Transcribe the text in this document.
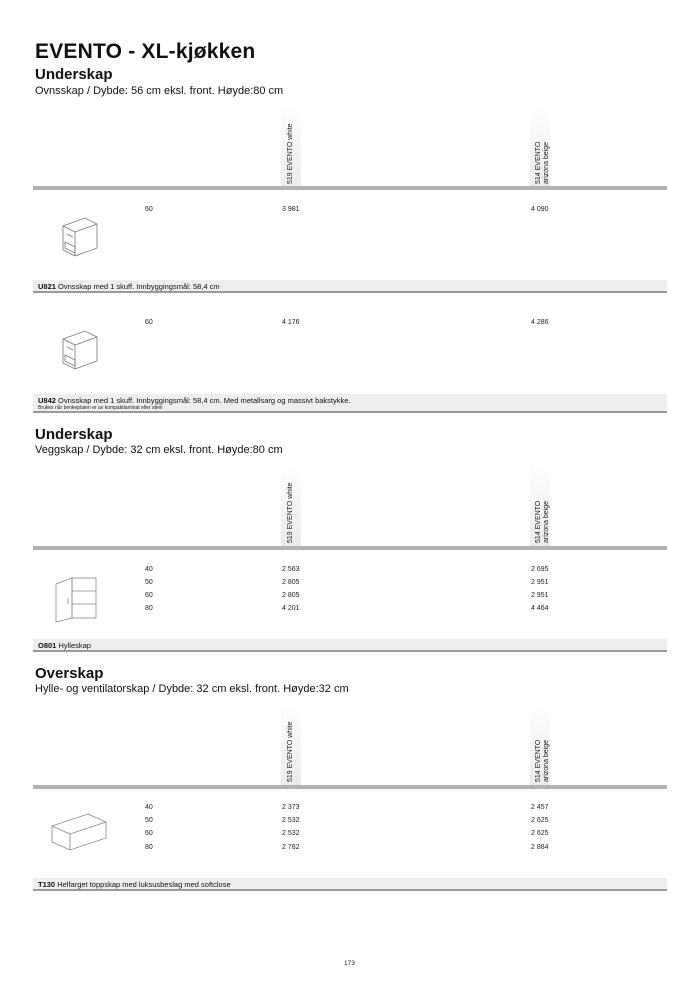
EVENTO - XL-kjøkken
Underskap
Ovnsskap / Dybde: 56 cm eksl. front. Høyde:80 cm
519 EVENTO white	514 EVENTO arizona beige
60	3 981	4 090
U821 Ovnsskap med 1 skuff. Innbyggingsmål: 58,4 cm
60	4 176	4 286
U842 Ovnsskap med 1 skuff. Innbyggingsmål: 58,4 cm. Med metallsarg og massivt bakstykke.
Brukes når benkeplaten er av kompaktlaminat eller stein
Underskap
Veggskap / Dybde: 32 cm eksl. front. Høyde:80 cm
519 EVENTO white	514 EVENTO arizona beige
40	2 563	2 695
50	2 805	2 951
60	2 805	2 951
80	4 201	4 464
O801 Hylleskap
Overskap
Hylle- og ventilatorskap / Dybde: 32 cm eksl. front. Høyde:32 cm
519 EVENTO white	514 EVENTO arizona beige
40	2 373	2 457
50	2 532	2 625
60	2 532	2 625
80	2 782	2 884
T130 Helfarget toppskap med luksusbeslag med softclose
173
